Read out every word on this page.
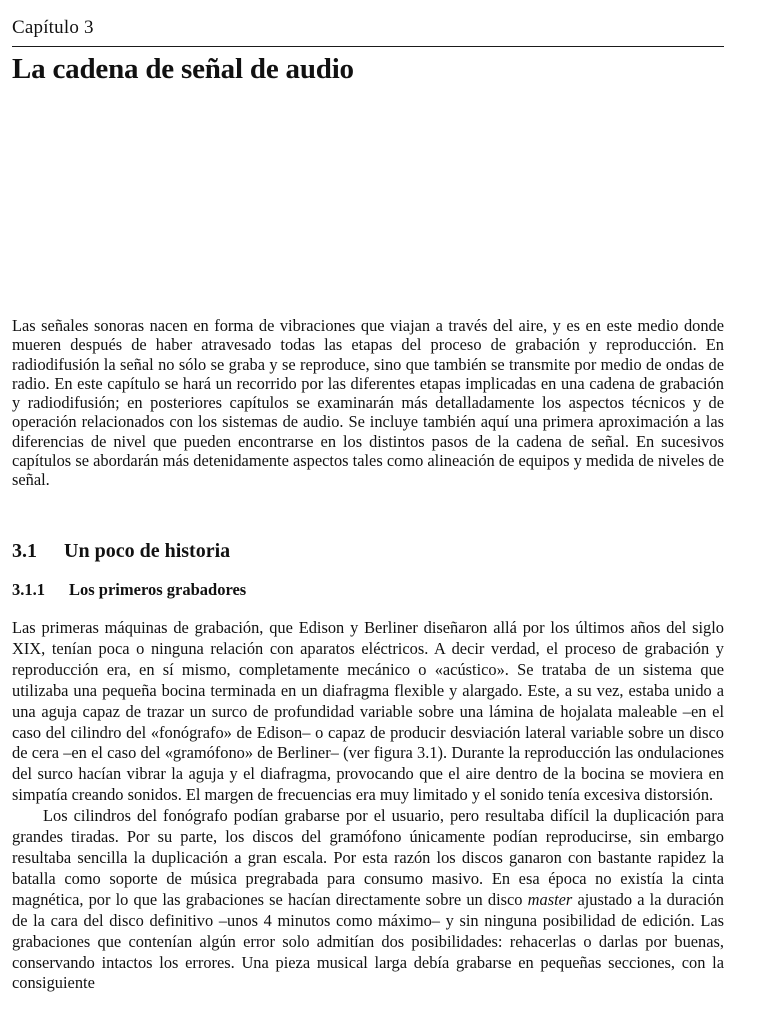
Capítulo 3
La cadena de señal de audio

Las señales sonoras nacen en forma de vibraciones que viajan a través del aire, y es en este medio donde mueren después de haber atravesado todas las etapas del proceso de grabación y reproducción. En radiodifusión la señal no sólo se graba y se reproduce, sino que también se transmite por medio de ondas de radio. En este capítulo se hará un recorrido por las diferentes etapas implicadas en una cadena de grabación y radiodifusión; en posteriores capítulos se examinarán más detalladamente los aspectos técnicos y de operación relacionados con los sistemas de audio. Se incluye también aquí una primera aproximación a las diferencias de nivel que pueden encontrarse en los distintos pasos de la cadena de señal. En sucesivos capítulos se abordarán más detenidamente aspectos tales como alineación de equipos y medida de niveles de señal.

3.1 Un poco de historia
3.1.1 Los primeros grabadores

Las primeras máquinas de grabación, que Edison y Berliner diseñaron allá por los últimos años del siglo XIX, tenían poca o ninguna relación con aparatos eléctricos. A decir verdad, el proceso de grabación y reproducción era, en sí mismo, completamente mecánico o «acústico». Se trataba de un sistema que utilizaba una pequeña bocina terminada en un diafragma flexible y alargado. Este, a su vez, estaba unido a una aguja capaz de trazar un surco de profundidad variable sobre una lámina de hojalata maleable –en el caso del cilindro del «fonógrafo» de Edison– o capaz de producir desviación lateral variable sobre un disco de cera –en el caso del «gramófono» de Berliner– (ver figura 3.1). Durante la reproducción las ondulaciones del surco hacían vibrar la aguja y el diafragma, provocando que el aire dentro de la bocina se moviera en simpatía creando sonidos. El margen de frecuencias era muy limitado y el sonido tenía excesiva distorsión.

Los cilindros del fonógrafo podían grabarse por el usuario, pero resultaba difícil la duplicación para grandes tiradas. Por su parte, los discos del gramófono únicamente podían reproducirse, sin embargo resultaba sencilla la duplicación a gran escala. Por esta razón los discos ganaron con bastante rapidez la batalla como soporte de música pregrabada para consumo masivo. En esa época no existía la cinta magnética, por lo que las grabaciones se hacían directamente sobre un disco master ajustado a la duración de la cara del disco definitivo –unos 4 minutos como máximo– y sin ninguna posibilidad de edición. Las grabaciones que contenían algún error solo admitían dos posibilidades: rehacerlas o darlas por buenas, conservando intactos los errores. Una pieza musical larga debía grabarse en pequeñas secciones, con la consiguiente
